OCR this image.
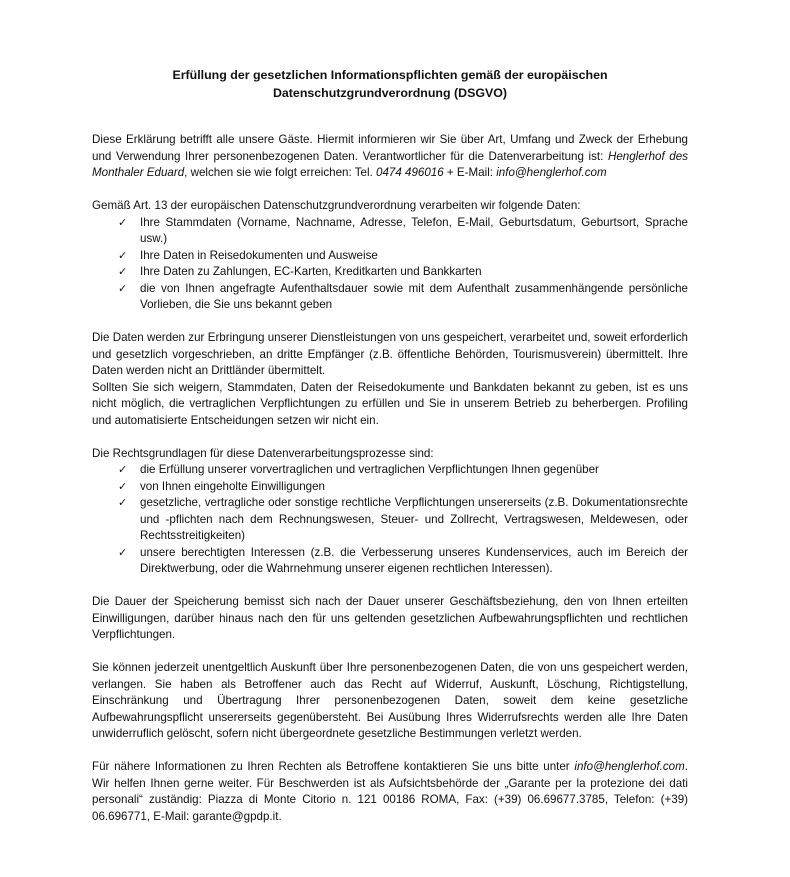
Erfüllung der gesetzlichen Informationspflichten gemäß der europäischen
Datenschutzgrundverordnung (DSGVO)

Diese Erklärung betrifft alle unsere Gäste. Hiermit informieren wir Sie über Art, Umfang und Zweck der Erhebung und Verwendung Ihrer personenbezogenen Daten. Verantwortlicher für die Datenverarbeitung ist: Henglerhof des Monthaler Eduard, welchen sie wie folgt erreichen: Tel. 0474 496016 + E-Mail: info@henglerhof.com

Gemäß Art. 13 der europäischen Datenschutzgrundverordnung verarbeiten wir folgende Daten:

✓ Ihre Stammdaten (Vorname, Nachname, Adresse, Telefon, E-Mail, Geburtsdatum, Geburtsort, Sprache usw.)
✓ Ihre Daten in Reisedokumenten und Ausweise
✓ Ihre Daten zu Zahlungen, EC-Karten, Kreditkarten und Bankkarten
✓ die von Ihnen angefragte Aufenthaltsdauer sowie mit dem Aufenthalt zusammenhängende persönliche Vorlieben, die Sie uns bekannt geben

Die Daten werden zur Erbringung unserer Dienstleistungen von uns gespeichert, verarbeitet und, soweit erforderlich und gesetzlich vorgeschrieben, an dritte Empfänger (z.B. öffentliche Behörden, Tourismusverein) übermittelt. Ihre Daten werden nicht an Drittländer übermittelt.

Sollten Sie sich weigern, Stammdaten, Daten der Reisedokumente und Bankdaten bekannt zu geben, ist es uns nicht möglich, die vertraglichen Verpflichtungen zu erfüllen und Sie in unserem Betrieb zu beherbergen. Profiling und automatisierte Entscheidungen setzen wir nicht ein.

Die Rechtsgrundlagen für diese Datenverarbeitungsprozesse sind:

✓ die Erfüllung unserer vorvertraglichen und vertraglichen Verpflichtungen Ihnen gegenüber
✓ von Ihnen eingeholte Einwilligungen
✓ gesetzliche, vertragliche oder sonstige rechtliche Verpflichtungen unsererseits (z.B. Dokumentationsrechte und -pflichten nach dem Rechnungswesen, Steuer- und Zollrecht, Vertragswesen, Meldewesen, oder Rechtsstreitigkeiten)
✓ unsere berechtigten Interessen (z.B. die Verbesserung unseres Kundenservices, auch im Bereich der Direktwerbung, oder die Wahrnehmung unserer eigenen rechtlichen Interessen).

Die Dauer der Speicherung bemisst sich nach der Dauer unserer Geschäftsbeziehung, den von Ihnen erteilten Einwilligungen, darüber hinaus nach den für uns geltenden gesetzlichen Aufbewahrungspflichten und rechtlichen Verpflichtungen.

Sie können jederzeit unentgeltlich Auskunft über Ihre personenbezogenen Daten, die von uns gespeichert werden, verlangen. Sie haben als Betroffener auch das Recht auf Widerruf, Auskunft, Löschung, Richtigstellung, Einschränkung und Übertragung Ihrer personenbezogenen Daten, soweit dem keine gesetzliche Aufbewahrungspflicht unsererseits gegenübersteht. Bei Ausübung Ihres Widerrufsrechts werden alle Ihre Daten unwiderruflich gelöscht, sofern nicht übergeordnete gesetzliche Bestimmungen verletzt werden.

Für nähere Informationen zu Ihren Rechten als Betroffene kontaktieren Sie uns bitte unter info@henglerhof.com. Wir helfen Ihnen gerne weiter. Für Beschwerden ist als Aufsichtsbehörde der „Garante per la protezione dei dati personali“ zuständig: Piazza di Monte Citorio n. 121 00186 ROMA, Fax: (+39) 06.69677.3785, Telefon: (+39) 06.696771, E-Mail: garante@gpdp.it.
